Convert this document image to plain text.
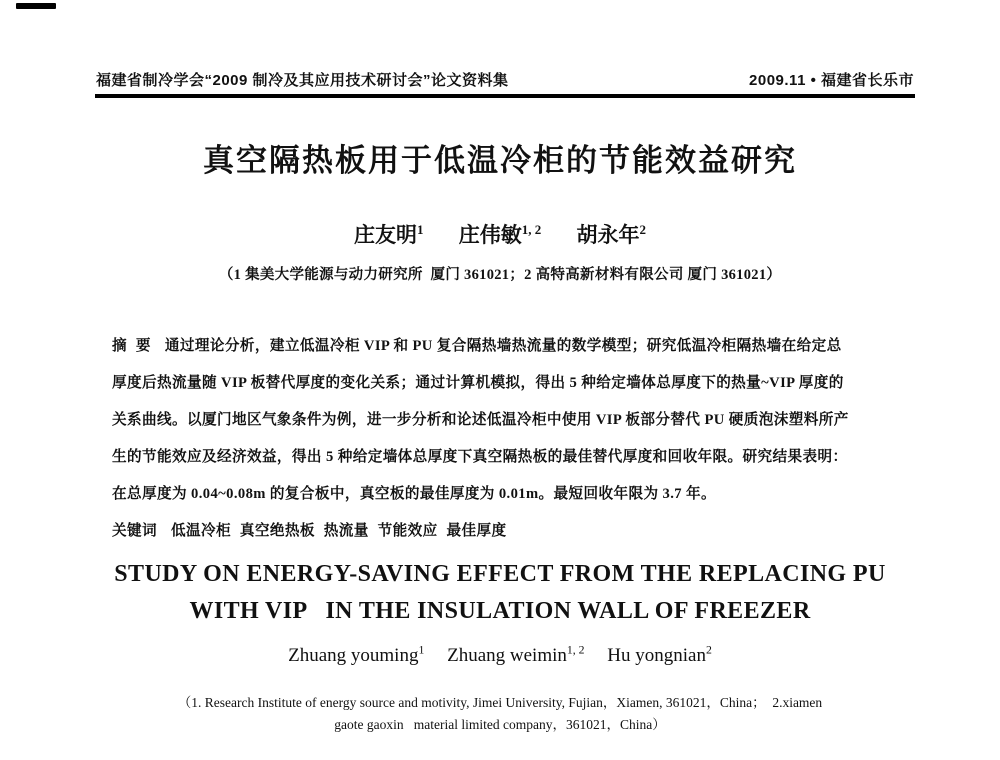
福建省制冷学会“2009 制冷及其应用技术研讨会”论文资料集	2009.11 • 福建省长乐市
真空隔热板用于低温冷柜的节能效益研究
庄友明$^1$ 庄伟敏$^{1, 2}$ 胡永年$^2$
（1 集美大学能源与动力研究所  厦门 361021；2 高特高新材料有限公司 厦门 361021）
摘  要 通过理论分析，建立低温冷柜 VIP 和 PU 复合隔热墙热流量的数学模型；研究低温冷柜隔热墙在给定总
厚度后热流量随 VIP 板替代厚度的变化关系；通过计算机模拟，得出 5 种给定墙体总厚度下的热量~VIP 厚度的
关系曲线。以厦门地区气象条件为例，进一步分析和论述低温冷柜中使用 VIP 板部分替代 PU 硬质泡沫塑料所产
生的节能效应及经济效益，得出 5 种给定墙体总厚度下真空隔热板的最佳替代厚度和回收年限。研究结果表明：
在总厚度为 0.04~0.08m 的复合板中，真空板的最佳厚度为 0.01m。最短回收年限为 3.7 年。
关键词 低温冷柜  真空绝热板  热流量  节能效应  最佳厚度
STUDY ON ENERGY-SAVING EFFECT FROM THE REPLACING PU
WITH VIP   IN THE INSULATION WALL OF FREEZER
Zhuang youming$^1$ Zhuang weimin$^{1, 2}$ Hu yongnian$^2$
（1. Research Institute of energy source and motivity, Jimei University, Fujian，Xiamen, 361021，China；  2.xiamen
gaote gaoxin   material limited company，361021，China）
